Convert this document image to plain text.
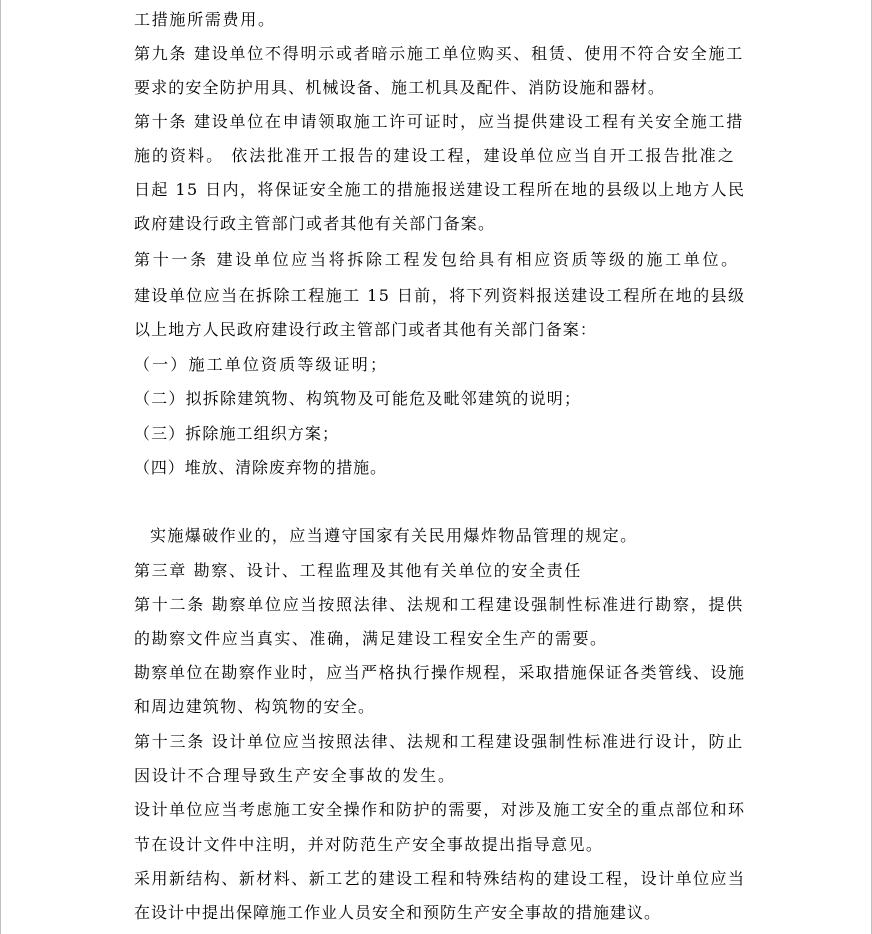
工措施所需费用。
第九条 建设单位不得明示或者暗示施工单位购买、租赁、使用不符合安全施工
要求的安全防护用具、机械设备、施工机具及配件、消防设施和器材。
第十条 建设单位在申请领取施工许可证时，应当提供建设工程有关安全施工措
施的资料。 依法批准开工报告的建设工程，建设单位应当自开工报告批准之
日起 15 日内，将保证安全施工的措施报送建设工程所在地的县级以上地方人民
政府建设行政主管部门或者其他有关部门备案。
第十一条 建设单位应当将拆除工程发包给具有相应资质等级的施工单位。
建设单位应当在拆除工程施工 15 日前，将下列资料报送建设工程所在地的县级
以上地方人民政府建设行政主管部门或者其他有关部门备案：
（一）施工单位资质等级证明；
（二）拟拆除建筑物、构筑物及可能危及毗邻建筑的说明；
（三）拆除施工组织方案；
（四）堆放、清除废弃物的措施。
实施爆破作业的，应当遵守国家有关民用爆炸物品管理的规定。
第三章 勘察、设计、工程监理及其他有关单位的安全责任
第十二条 勘察单位应当按照法律、法规和工程建设强制性标准进行勘察，提供
的勘察文件应当真实、准确，满足建设工程安全生产的需要。
勘察单位在勘察作业时，应当严格执行操作规程，采取措施保证各类管线、设施
和周边建筑物、构筑物的安全。
第十三条 设计单位应当按照法律、法规和工程建设强制性标准进行设计，防止
因设计不合理导致生产安全事故的发生。
设计单位应当考虑施工安全操作和防护的需要，对涉及施工安全的重点部位和环
节在设计文件中注明，并对防范生产安全事故提出指导意见。
采用新结构、新材料、新工艺的建设工程和特殊结构的建设工程，设计单位应当
在设计中提出保障施工作业人员安全和预防生产安全事故的措施建议。
